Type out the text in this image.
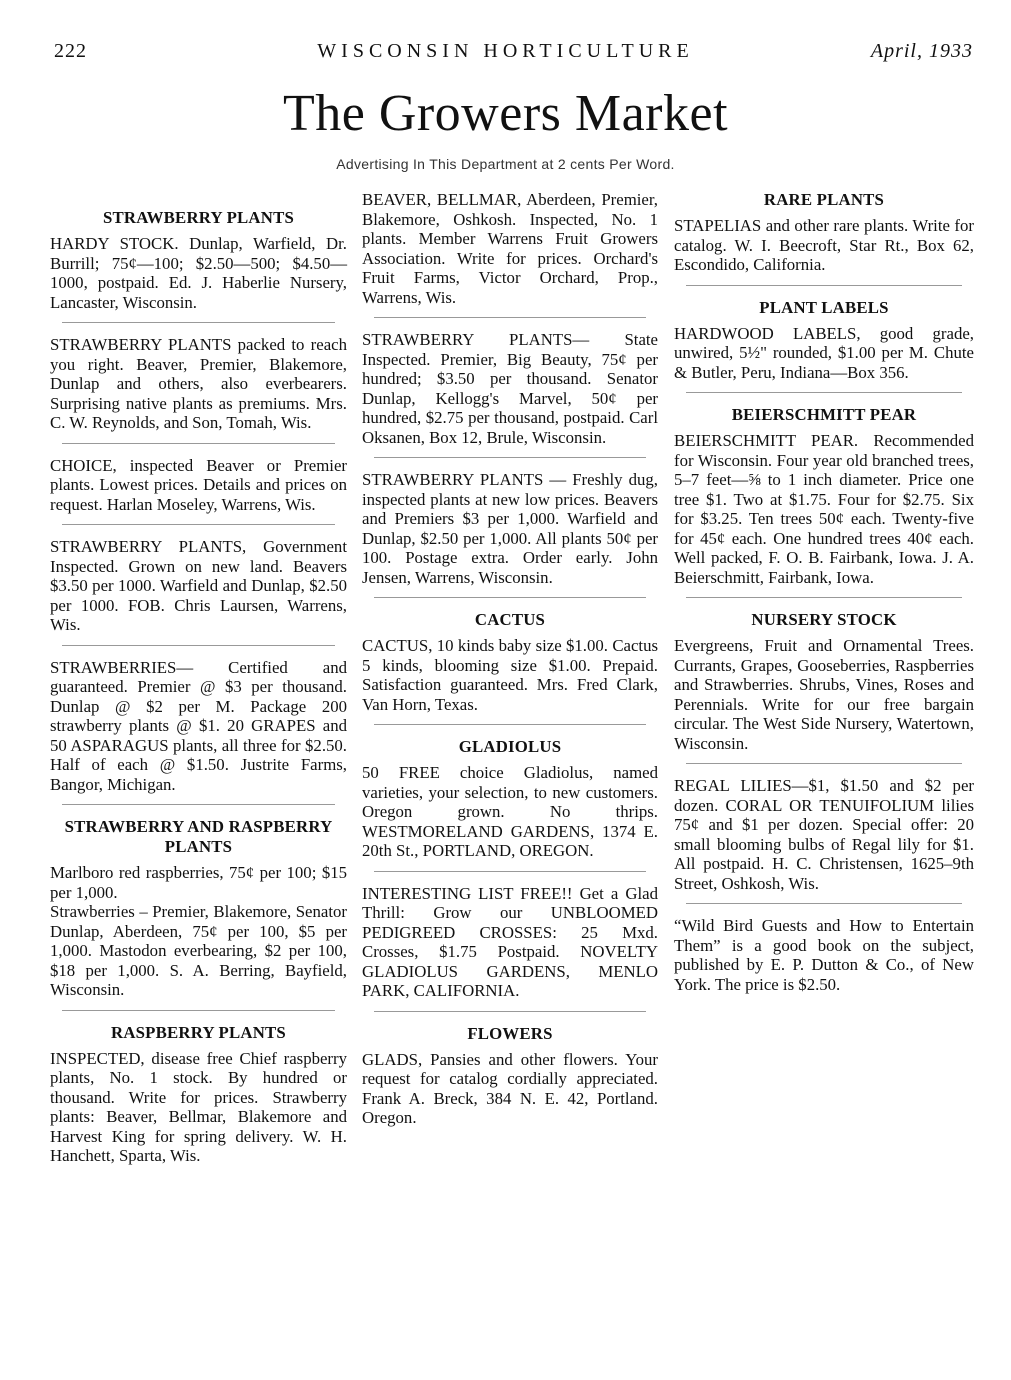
222	WISCONSIN HORTICULTURE	April, 1933
The Growers Market
Advertising In This Department at 2 cents Per Word.

STRAWBERRY PLANTS

HARDY STOCK. Dunlap, Warfield, Dr. Burrill; 75¢—100; $2.50—500; $4.50—1000, postpaid. Ed. J. Haberlie Nursery, Lancaster, Wisconsin.

STRAWBERRY PLANTS packed to reach you right. Beaver, Premier, Blakemore, Dunlap and others, also everbearers. Surprising native plants as premiums. Mrs. C. W. Reynolds, and Son, Tomah, Wis.

CHOICE, inspected Beaver or Premier plants. Lowest prices. Details and prices on request. Harlan Moseley, Warrens, Wis.

STRAWBERRY PLANTS, Government Inspected. Grown on new land. Beavers $3.50 per 1000. Warfield and Dunlap, $2.50 per 1000. FOB. Chris Laursen, Warrens, Wis.

STRAWBERRIES— Certified and guaranteed. Premier @ $3 per thousand. Dunlap @ $2 per M. Package 200 strawberry plants @ $1. 20 GRAPES and 50 ASPARAGUS plants, all three for $2.50. Half of each @ $1.50. Justrite Farms, Bangor, Michigan.

STRAWBERRY AND RASPBERRY PLANTS

Marlboro red raspberries, 75¢ per 100; $15 per 1,000.

Strawberries – Premier, Blakemore, Senator Dunlap, Aberdeen, 75¢ per 100, $5 per 1,000. Mastodon everbearing, $2 per 100, $18 per 1,000. S. A. Berring, Bayfield, Wisconsin.

RASPBERRY PLANTS

INSPECTED, disease free Chief raspberry plants, No. 1 stock. By hundred or thousand. Write for prices. Strawberry plants: Beaver, Bellmar, Blakemore and Harvest King for spring delivery. W. H. Hanchett, Sparta, Wis.

BEAVER, BELLMAR, Aberdeen, Premier, Blakemore, Oshkosh. Inspected, No. 1 plants. Member Warrens Fruit Growers Association. Write for prices. Orchard's Fruit Farms, Victor Orchard, Prop., Warrens, Wis.

STRAWBERRY PLANTS— State Inspected. Premier, Big Beauty, 75¢ per hundred; $3.50 per thousand. Senator Dunlap, Kellogg's Marvel, 50¢ per hundred, $2.75 per thousand, postpaid. Carl Oksanen, Box 12, Brule, Wisconsin.

STRAWBERRY PLANTS — Freshly dug, inspected plants at new low prices. Beavers and Premiers $3 per 1,000. Warfield and Dunlap, $2.50 per 1,000. All plants 50¢ per 100. Postage extra. Order early. John Jensen, Warrens, Wisconsin.

CACTUS

CACTUS, 10 kinds baby size $1.00. Cactus 5 kinds, blooming size $1.00. Prepaid. Satisfaction guaranteed. Mrs. Fred Clark, Van Horn, Texas.

GLADIOLUS

50 FREE choice Gladiolus, named varieties, your selection, to new customers. Oregon grown. No thrips. WESTMORELAND GARDENS, 1374 E. 20th St., PORTLAND, OREGON.

INTERESTING LIST FREE!! Get a Glad Thrill: Grow our UNBLOOMED PEDIGREED CROSSES: 25 Mxd. Crosses, $1.75 Postpaid. NOVELTY GLADIOLUS GARDENS, MENLO PARK, CALIFORNIA.

FLOWERS

GLADS, Pansies and other flowers. Your request for catalog cordially appreciated. Frank A. Breck, 384 N. E. 42, Portland. Oregon.

RARE PLANTS

STAPELIAS and other rare plants. Write for catalog. W. I. Beecroft, Star Rt., Box 62, Escondido, California.

PLANT LABELS

HARDWOOD LABELS, good grade, unwired, 5½" rounded, $1.00 per M. Chute & Butler, Peru, Indiana—Box 356.

BEIERSCHMITT PEAR

BEIERSCHMITT PEAR. Recommended for Wisconsin. Four year old branched trees, 5–7 feet—⅝ to 1 inch diameter. Price one tree $1. Two at $1.75. Four for $2.75. Six for $3.25. Ten trees 50¢ each. Twenty-five for 45¢ each. One hundred trees 40¢ each. Well packed, F. O. B. Fairbank, Iowa. J. A. Beierschmitt, Fairbank, Iowa.

NURSERY STOCK

Evergreens, Fruit and Ornamental Trees. Currants, Grapes, Gooseberries, Raspberries and Strawberries. Shrubs, Vines, Roses and Perennials. Write for our free bargain circular. The West Side Nursery, Watertown, Wisconsin.

REGAL LILIES—$1, $1.50 and $2 per dozen. CORAL OR TENUIFOLIUM lilies 75¢ and $1 per dozen. Special offer: 20 small blooming bulbs of Regal lily for $1. All postpaid. H. C. Christensen, 1625–9th Street, Oshkosh, Wis.

“Wild Bird Guests and How to Entertain Them” is a good book on the subject, published by E. P. Dutton & Co., of New York. The price is $2.50.
